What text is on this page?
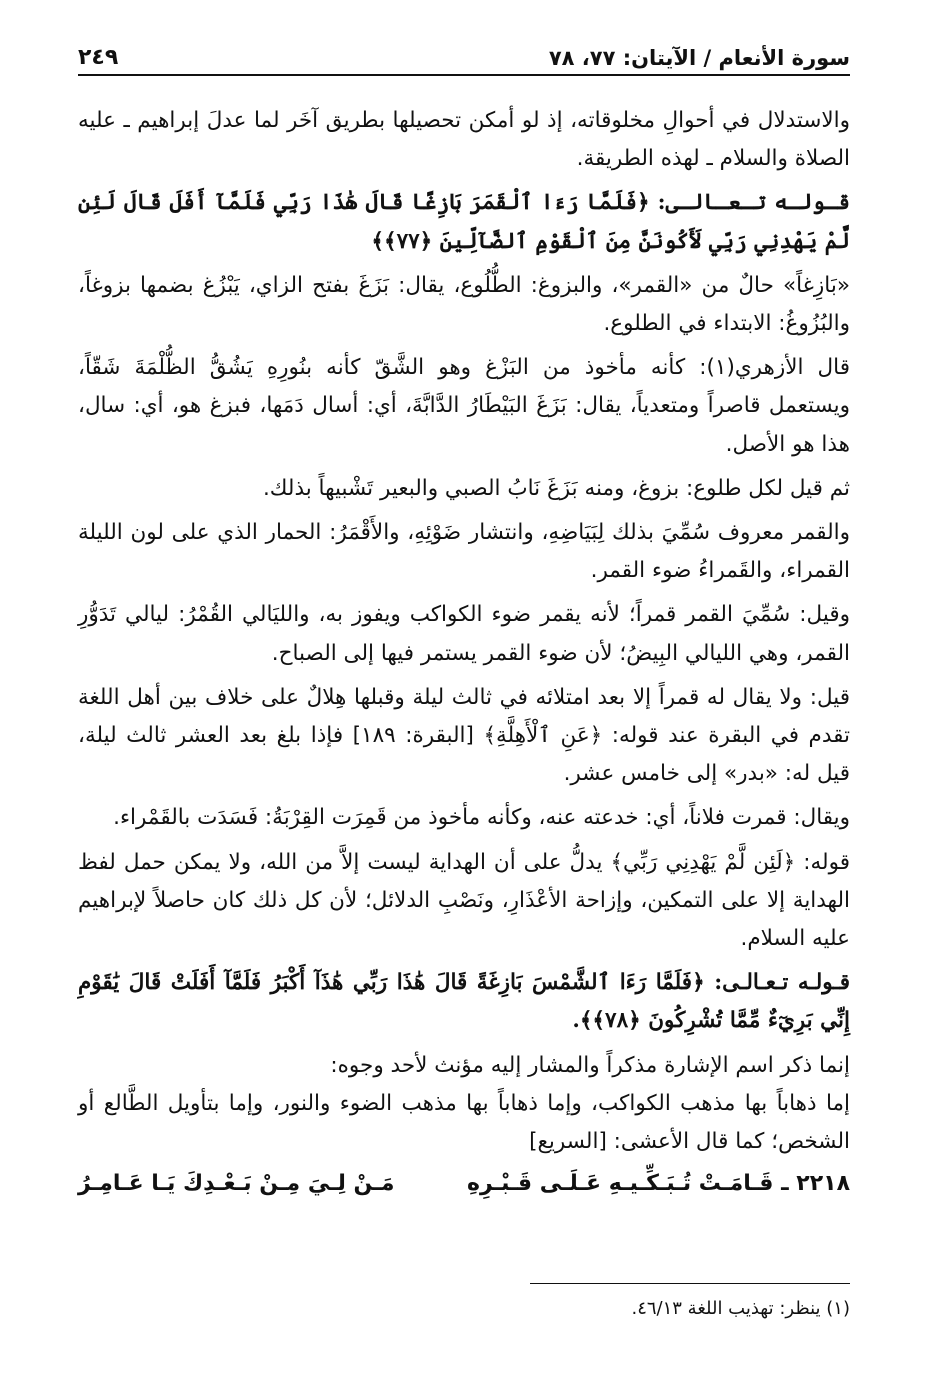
سورة الأنعام / الآيتان: ٧٧، ٧٨
٢٤٩

والاستدلال في أحوالِ مخلوقاته، إذ لو أمكن تحصيلها بطريق آخَر لما عدلَ إبراهيم ـ عليه الصلاة والسلام ـ لهذه الطريقة.

قـولـه تـعـالـى: ﴿فَلَمَّا رَءَا ٱلْقَمَرَ بَازِغًا قَالَ هَٰذَا رَبِّي فَلَمَّآ أَفَلَ قَالَ لَئِن لَّمْ يَهْدِنِي رَبِّي لَأَكُونَنَّ مِنَ ٱلْقَوْمِ ٱلضَّآلِّينَ ﴿٧٧﴾﴾

«بَازِغاً» حالٌ من «القمر»، والبزوغ: الطُّلُوع، يقال: بَزَغَ بفتح الزاي، يَبْزُغ بضمها بزوغاً، والبُزُوغُ: الابتداء في الطلوع.

قال الأزهري(١): كأنه مأخوذ من البَزْغ وهو الشَّقّ كأنه بنُورِهِ يَشُقُّ الظُّلْمَةَ شَقّاً، ويستعمل قاصراً ومتعدياً، يقال: بَزَغَ البَيْطَارُ الدَّابَّةَ، أي: أسال دَمَها، فبزغ هو، أي: سال، هذا هو الأصل.

ثم قيل لكل طلوع: بزوغ، ومنه بَزَغَ نَابُ الصبي والبعير تَشْبيهاً بذلك.

والقمر معروف سُمِّيَ بذلك لِبَيَاضِهِ، وانتشار ضَوْئِهِ، والأَقْمَرُ: الحمار الذي على لون الليلة القمراء، والقَمراءُ ضوء القمر.

وقيل: سُمِّيَ القمر قمراً؛ لأنه يقمر ضوء الكواكب ويفوز به، والليَالي القُمْرُ: ليالي تَدَوُّرِ القمر، وهي الليالي البِيضُ؛ لأن ضوء القمر يستمر فيها إلى الصباح.

قيل: ولا يقال له قمراً إلا بعد امتلائه في ثالث ليلة وقبلها هِلالٌ على خلاف بين أهل اللغة تقدم في البقرة عند قوله: ﴿عَنِ ٱلْأَهِلَّةِ﴾ [البقرة: ١٨٩] فإذا بلغ بعد العشر ثالث ليلة، قيل له: «بدر» إلى خامس عشر.

ويقال: قمرت فلاناً، أي: خدعته عنه، وكأنه مأخوذ من قَمِرَت القِرْبَةُ: فَسَدَت بالقَمْراء.

قوله: ﴿لَئِن لَّمْ يَهْدِنِي رَبِّي﴾ يدلُّ على أن الهداية ليست إلاَّ من الله، ولا يمكن حمل لفظ الهداية إلا على التمكين، وإزاحة الأعْذَارِ، ونَصْبِ الدلائل؛ لأن كل ذلك كان حاصلاً لإبراهيم عليه السلام.

قـولـه تـعـالـى: ﴿فَلَمَّا رَءَا ٱلشَّمْسَ بَازِغَةً قَالَ هَٰذَا رَبِّي هَٰذَآ أَكْبَرُ فَلَمَّآ أَفَلَتْ قَالَ يَٰقَوْمِ إِنِّي بَرِيٓءٌ مِّمَّا تُشْرِكُونَ ﴿٧٨﴾﴾.

إنما ذكر اسم الإشارة مذكراً والمشار إليه مؤنث لأحد وجوه:

إما ذهاباً بها مذهب الكواكب، وإما ذهاباً بها مذهب الضوء والنور، وإما بتأويل الطَّالع أو الشخص؛ كما قال الأعشى: [السريع]

٢٢١٨ ـ قَـامَـتْ تُـبَـكِّـيـهِ عَـلَـى قَـبْـرِهِ
مَـنْ لِـيَ مِـنْ بَـعْـدِكَ يَـا عَـامِـرُ
(١) ينظر: تهذيب اللغة ٤٦/١٣.
